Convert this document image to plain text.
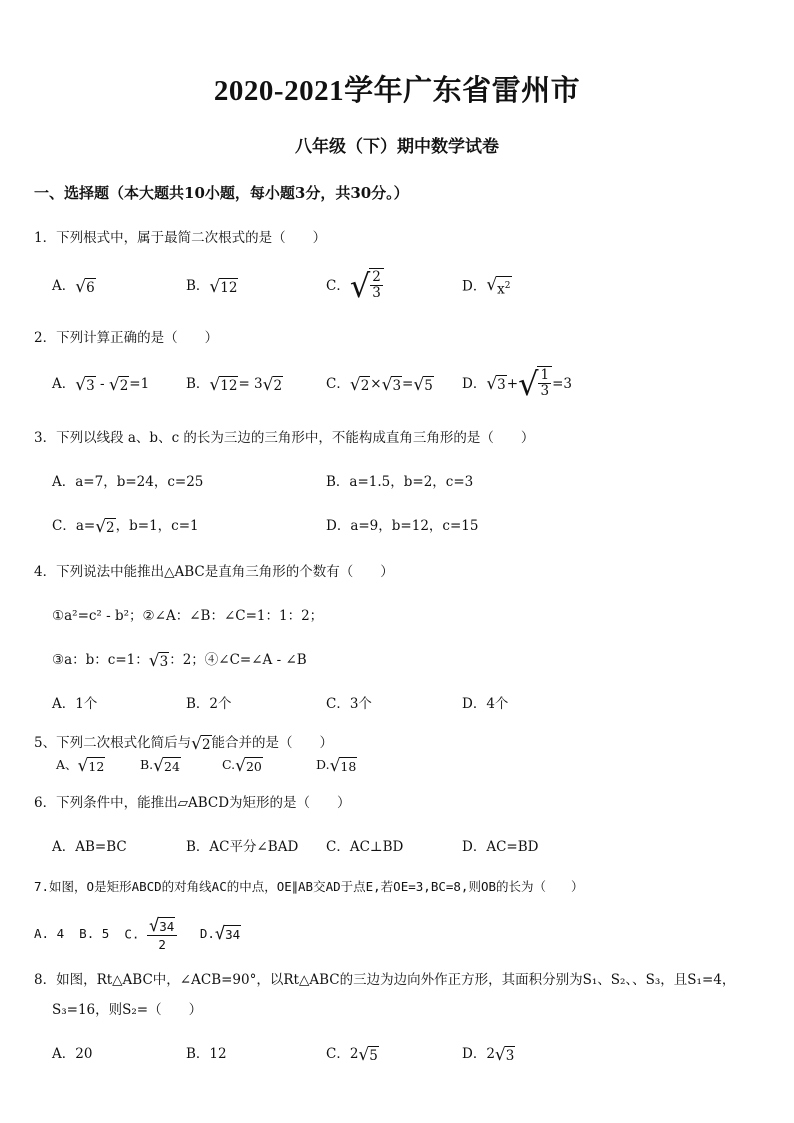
2020-2021学年广东省雷州市
八年级（下）期中数学试卷
一、选择题（本大题共10小题，每小题3分，共30分。）
1．下列根式中，属于最简二次根式的是（　　）
A． √ 6	B． √ 12	C． √ $\frac{2}{3}$	D． √ $x^2$
2．下列计算正确的是（　　）
A． √ 3 - √ 2 =1	B． √ 12 = 3 √ 2	C． √ 2 × √ 3 = √ 5 D． √ 3 + √ $\frac{1}{3} =3$
3．下列以线段 a、b、c 的长为三边的三角形中，不能构成直角三角形的是（　　）
A．a=7，b=24，c=25	B．a=1.5，b=2，c=3
C．a= √ 2 ，b=1，c=1	D．a=9，b=12，c=15
4．下列说法中能推出△ABC是直角三角形的个数有（　　）
①a²=c² - b²；②∠A：∠B：∠C=1：1：2；
③a：b：c=1： √ 3 ：2；④∠C=∠A - ∠B
A．1个	B．2个	C．3个	D．4个
5、下列二次根式化简后与 √ 2 能合并的是（　　）
A、 √ 12	B. √ 24	C. √ 20	D. √ 18
6．下列条件中，能推出▱ABCD为矩形的是（　　）
A．AB=BC	B．AC平分∠BAD C．AC⊥BD	D．AC=BD
7.如图，O是矩形ABCD的对角线AC的中点，OE∥AB交AD于点E,若OE=3,BC=8,则OB的长为（　　）
A. 4 B. 5 C. $\frac{√ 34}{2} D$. √ 34
8．如图，Rt△ABC中，∠ACB=90°，以Rt△ABC的三边为边向外作正方形，其面积分别为S₁、S₂、、S₃，且S₁=4，
S₃=16，则S₂=（　　）
A．20	B．12	C．2 √ 5	D．2 √ 3
